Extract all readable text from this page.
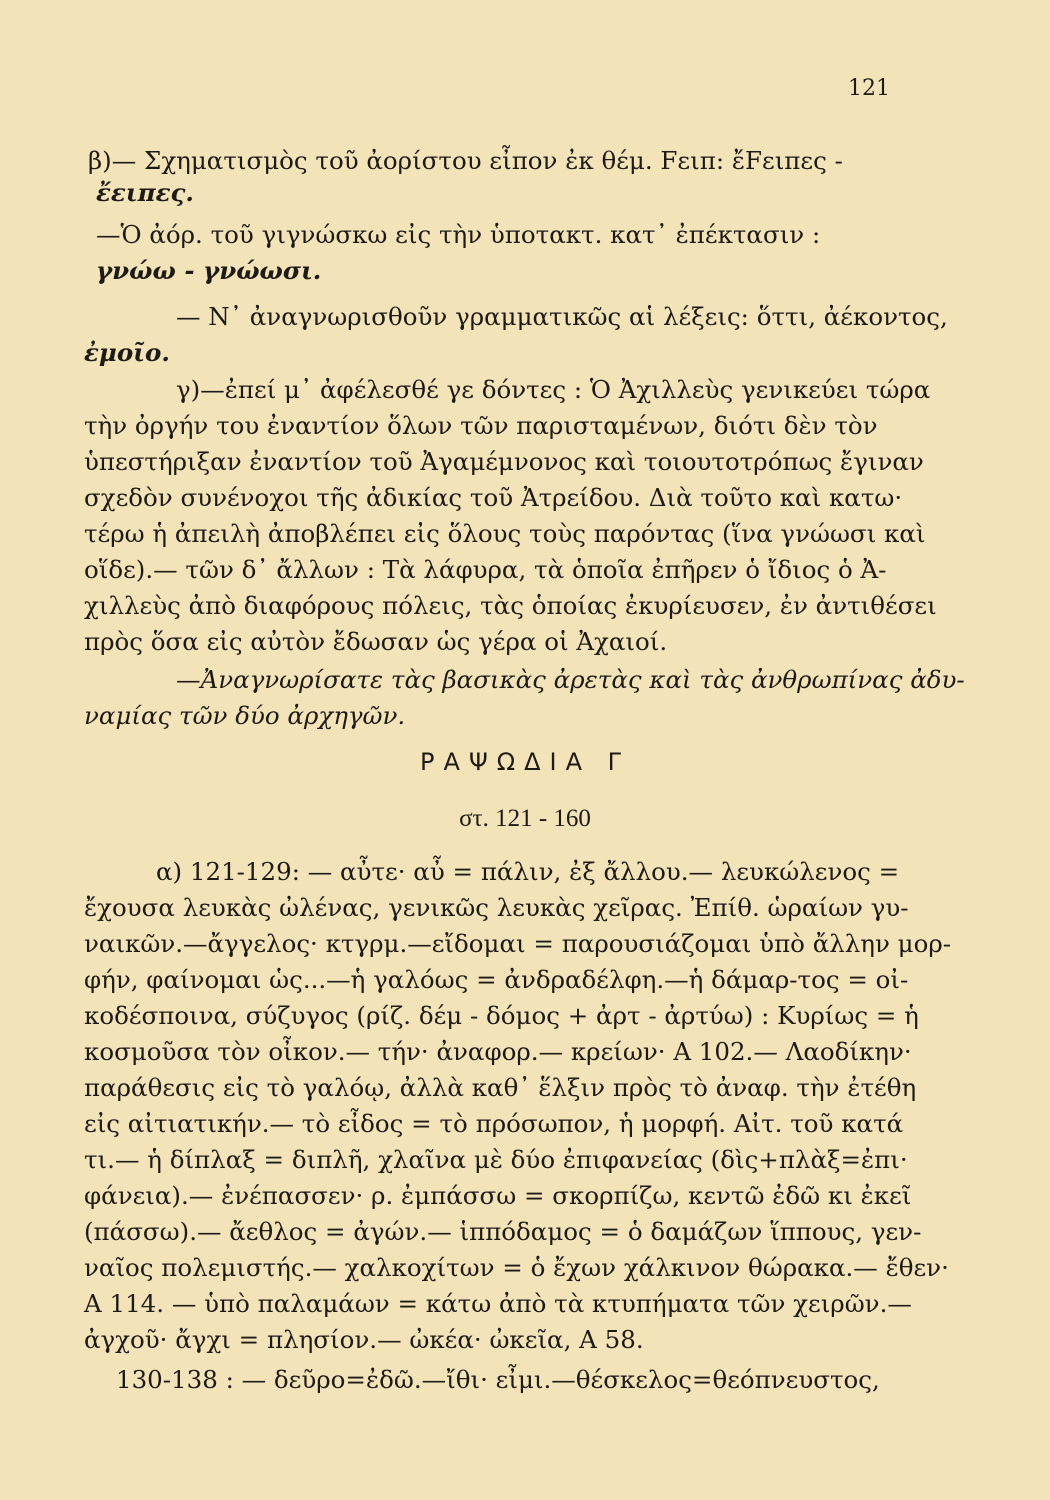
121
β)— Σχηματισμὸς τοῦ ἀορίστου εἶπον ἐκ θέμ. Fειπ: ἔFειπες -
ἔειπες.
—Ὁ ἀόρ. τοῦ γιγνώσκω εἰς τὴν ὑποτακτ. κατ᾿ ἐπέκτασιν :
γνώω - γνώωσι.
— Ν᾿ ἀναγνωρισθοῦν γραμματικῶς αἱ λέξεις: ὅττι, ἀέκοντος,
ἐμοῖο.
γ)—ἐπεί μ᾿ ἀφέλεσθέ γε δόντες : Ὁ Ἀχιλλεὺς γενικεύει τώρα
τὴν ὀργήν του ἐναντίον ὅλων τῶν παρισταμένων, διότι δὲν τὸν
ὑπεστήριξαν ἐναντίον τοῦ Ἀγαμέμνονος καὶ τοιουτοτρόπως ἔγιναν
σχεδὸν συνένοχοι τῆς ἀδικίας τοῦ Ἀτρείδου. Διὰ τοῦτο καὶ κατω·
τέρω ἡ ἀπειλὴ ἀποβλέπει εἰς ὅλους τοὺς παρόντας (ἵνα γνώωσι καὶ
οἵδε).— τῶν δ᾿ ἄλλων : Τὰ λάφυρα, τὰ ὁποῖα ἐπῆρεν ὁ ἴδιος ὁ Ἀ-
χιλλεὺς ἀπὸ διαφόρους πόλεις, τὰς ὁποίας ἐκυρίευσεν, ἐν ἀντιθέσει
πρὸς ὅσα εἰς αὐτὸν ἔδωσαν ὡς γέρα οἱ Ἀχαιοί.
—Ἀναγνωρίσατε τὰς βασικὰς ἀρετὰς καὶ τὰς ἀνθρωπίνας ἀδυ-
ναμίας τῶν δύο ἀρχηγῶν.
ΡΑΨΩΔΙΑ Γ
στ. 121 - 160
α) 121-129: — αὖτε· αὖ = πάλιν, ἐξ ἄλλου.— λευκώλενος =
ἔχουσα λευκὰς ὠλένας, γενικῶς λευκὰς χεῖρας. Ἐπίθ. ὡραίων γυ-
ναικῶν.—ἄγγελος· κτγρμ.—εἴδομαι = παρουσιάζομαι ὑπὸ ἄλλην μορ-
φήν, φαίνομαι ὡς...—ἡ γαλόως = ἀνδραδέλφη.—ἡ δάμαρ-τος = οἰ-
κοδέσποινα, σύζυγος (ρίζ. δέμ - δόμος + ἀρτ - ἀρτύω) : Κυρίως = ἡ
κοσμοῦσα τὸν οἶκον.— τήν· ἀναφορ.— κρείων· Α 102.— Λαοδίκην·
παράθεσις εἰς τὸ γαλόῳ, ἀλλὰ καθ᾿ ἕλξιν πρὸς τὸ ἀναφ. τὴν ἐτέθη
εἰς αἰτιατικήν.— τὸ εἶδος = τὸ πρόσωπον, ἡ μορφή. Αἰτ. τοῦ κατά
τι.— ἡ δίπλαξ = διπλῆ, χλαῖνα μὲ δύο ἐπιφανείας (δὶς+πλὰξ=ἐπι·
φάνεια).— ἐνέπασσεν· ρ. ἐμπάσσω = σκορπίζω, κεντῶ ἐδῶ κι ἐκεῖ
(πάσσω).— ἄεθλος = ἀγών.— ἱππόδαμος = ὁ δαμάζων ἵππους, γεν-
ναῖος πολεμιστής.— χαλκοχίτων = ὁ ἔχων χάλκινον θώρακα.— ἔθεν·
Α 114. — ὑπὸ παλαμάων = κάτω ἀπὸ τὰ κτυπήματα τῶν χειρῶν.—
ἀγχοῦ· ἄγχι = πλησίον.— ὠκέα· ὠκεῖα, Α 58.
130-138 : — δεῦρο=ἐδῶ.—ἴθι· εἶμι.—θέσκελος=θεόπνευστος,
